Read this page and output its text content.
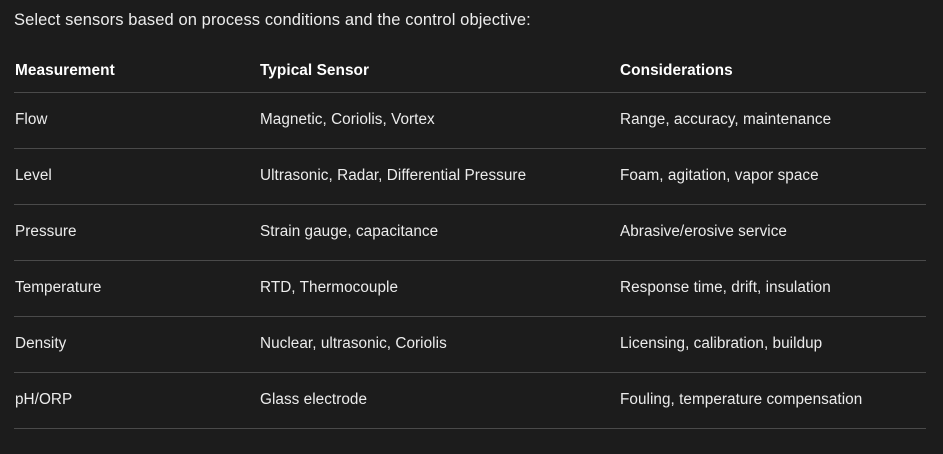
Select sensors based on process conditions and the control objective:
Measurement	Typical Sensor	Considerations
Flow	Magnetic, Coriolis, Vortex	Range, accuracy, maintenance
Level	Ultrasonic, Radar, Differential Pressure	Foam, agitation, vapor space
Pressure	Strain gauge, capacitance	Abrasive/erosive service
Temperature	RTD, Thermocouple	Response time, drift, insulation
Density	Nuclear, ultrasonic, Coriolis	Licensing, calibration, buildup
pH/ORP	Glass electrode	Fouling, temperature compensation
